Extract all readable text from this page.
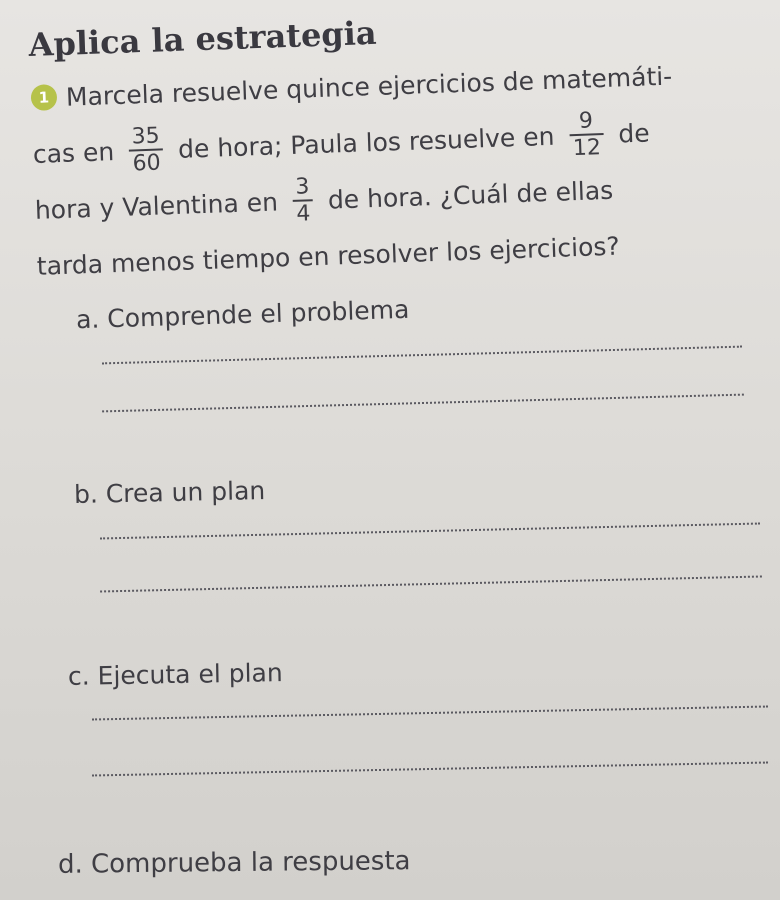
Aplica la estrategia
1 Marcela resuelve quince ejercicios de matemáti-
cas en $\frac{35}{60}$ de hora; Paula los resuelve en $\frac{9}{12}$ de
hora y Valentina en $\frac{3}{4}$ de hora. ¿Cuál de ellas
tarda menos tiempo en resolver los ejercicios?
a. Comprende el problema
b. Crea un plan
c. Ejecuta el plan
d. Comprueba la respuesta
